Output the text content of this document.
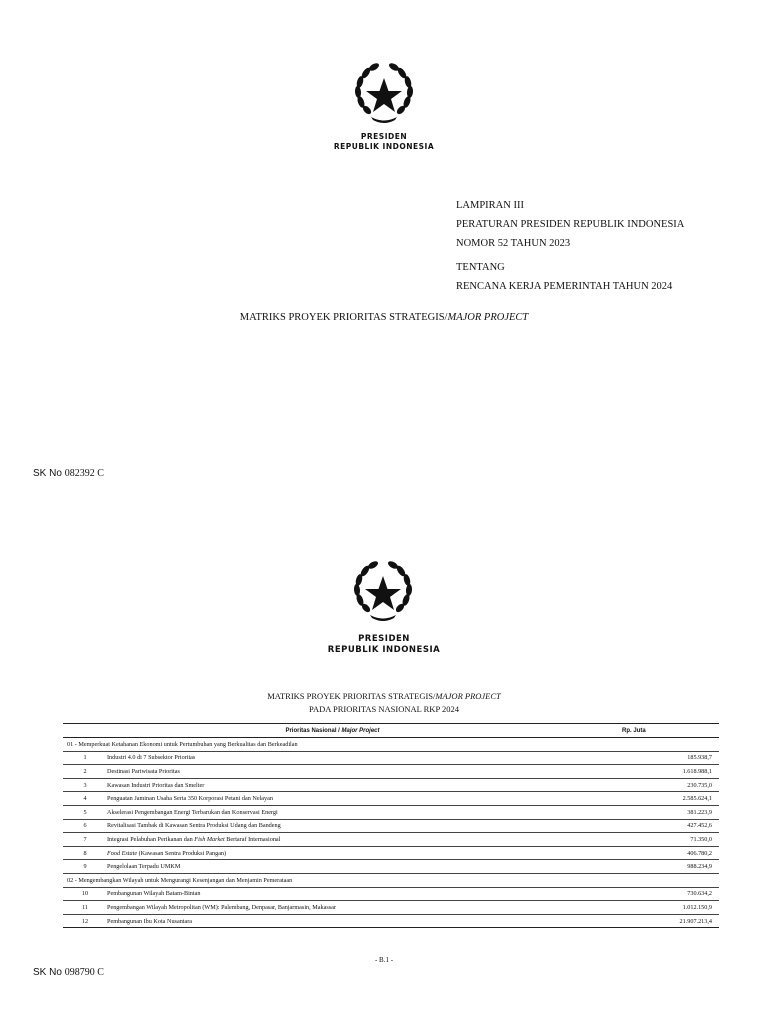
PRESIDEN
REPUBLIK INDONESIA
LAMPIRAN III
PERATURAN PRESIDEN REPUBLIK INDONESIA
NOMOR 52 TAHUN 2023
TENTANG
RENCANA KERJA PEMERINTAH TAHUN 2024
MATRIKS PROYEK PRIORITAS STRATEGIS/MAJOR PROJECT
SK No 082392 C
PRESIDEN
REPUBLIK INDONESIA
MATRIKS PROYEK PRIORITAS STRATEGIS/MAJOR PROJECT
PADA PRIORITAS NASIONAL RKP 2024
Prioritas Nasional / Major Project		Rp. Juta
01 - Memperkuat Ketahanan Ekonomi untuk Pertumbuhan yang Berkualitas dan Berkeadilan		
1	Industri 4.0 di 7 Subsektor Prioritas	185.938,7
2	Destinasi Pariwisata Prioritas	1.618.988,1
3	Kawasan Industri Prioritas dan Smelter	230.735,0
4	Penguatan Jaminan Usaha Serta 350 Korporasi Petani dan Nelayan	2.585.624,1
5	Akselerasi Pengembangan Energi Terbarukan dan Konservasi Energi	381.223,9
6	Revitalisasi Tambak di Kawasan Sentra Produksi Udang dan Bandeng	427.452,6
7	Integrasi Pelabuhan Perikanan dan Fish Market Bertaraf Internasional	71.350,0
8	Food Estate (Kawasan Sentra Produksi Pangan)	406.780,2
9	Pengelolaan Terpadu UMKM	988.234,9
02 - Mengembangkan Wilayah untuk Mengurangi Kesenjangan dan Menjamin Pemerataan		
10	Pembangunan Wilayah Batam-Bintan	730.634,2
11	Pengembangan Wilayah Metropolitan (WM): Palembang, Denpasar, Banjarmasin, Makassar	1.012.150,9
12	Pembangunan Ibu Kota Nusantara	21.907.213,4
- B.1 -
SK No 098790 C
